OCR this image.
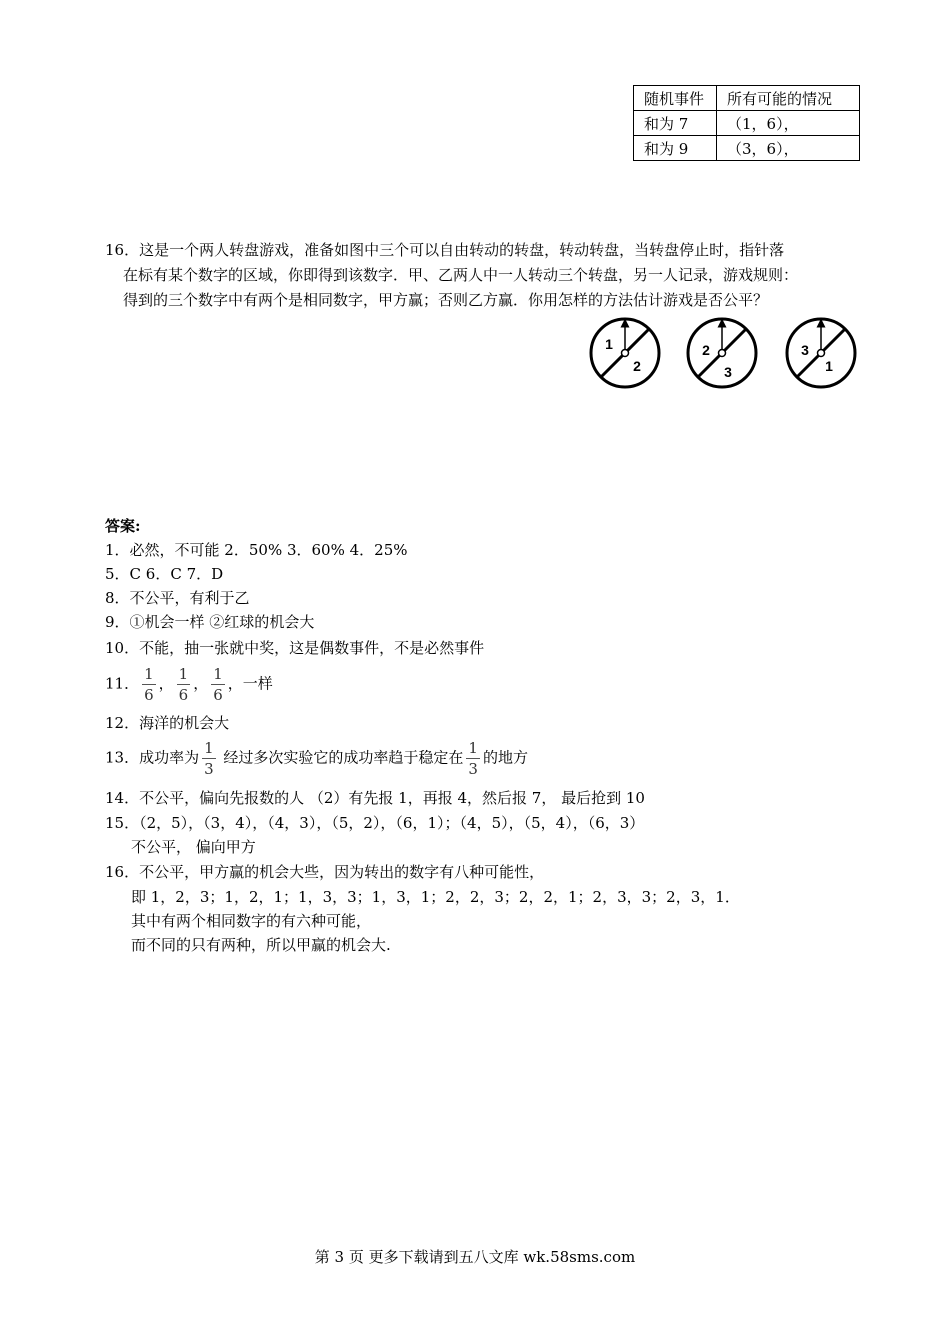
随机事件	所有可能的情况
和为 7	（1，6），
和为 9	（3，6），
16．这是一个两人转盘游戏，准备如图中三个可以自由转动的转盘，转动转盘，当转盘停止时，指针落
在标有某个数字的区域，你即得到该数字．甲、乙两人中一人转动三个转盘，另一人记录，游戏规则：
得到的三个数字中有两个是相同数字，甲方赢；否则乙方赢．你用怎样的方法估计游戏是否公平？
1
2
2
3
3
1
答案:
1．必然，不可能 2．50% 3．60% 4．25%
5．C 6．C 7．D
8．不公平，有利于乙
9．①机会一样 ②红球的机会大
10．不能，抽一张就中奖，这是偶数事件，不是必然事件
11． $\frac{1}{6}$ ， $\frac{1}{6}$ ， $\frac{1}{6}$ ，一样
12．海洋的机会大
13．成功率为 $\frac{1}{3}$ 经过多次实验它的成功率趋于稳定在 $\frac{1}{3}$ 的地方
14．不公平，偏向先报数的人 （2）有先报 1，再报 4，然后报 7， 最后抢到 10
15．（2，5），（3，4），（4，3），（5，2），（6，1）；（4，5），（5，4），（6，3）
不公平， 偏向甲方
16．不公平，甲方赢的机会大些，因为转出的数字有八种可能性，
即 1，2，3；1，2，1；1，3，3；1，3，1；2，2，3；2，2，1；2，3，3；2，3，1．
其中有两个相同数字的有六种可能，
而不同的只有两种，所以甲赢的机会大.
第 3 页 更多下载请到五八文库 wk.58sms.com
